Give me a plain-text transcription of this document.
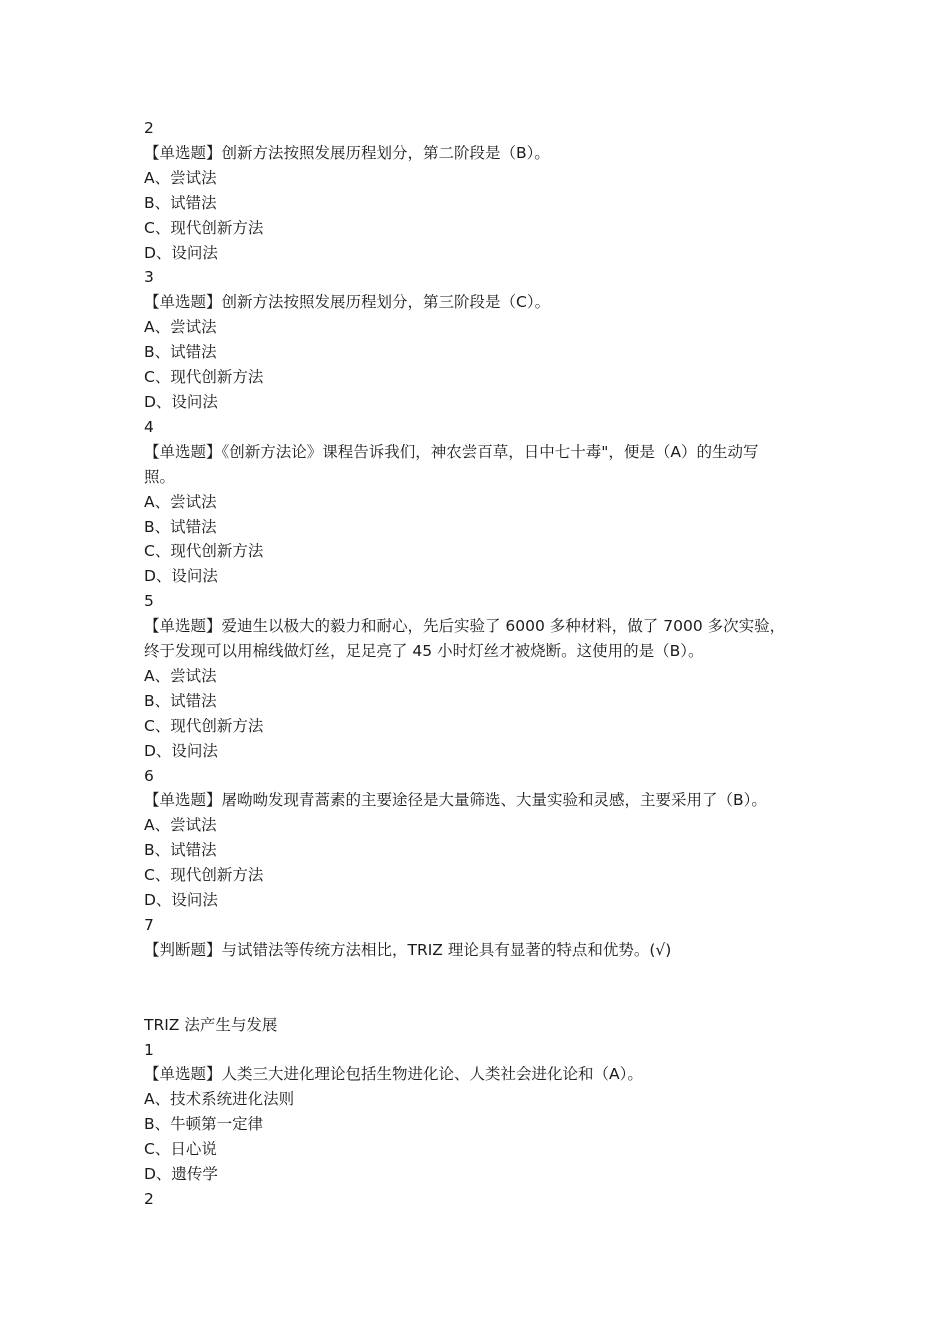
2

【单选题】创新方法按照发展历程划分，第二阶段是（B）。

A、尝试法

B、试错法

C、现代创新方法

D、设问法

3

【单选题】创新方法按照发展历程划分，第三阶段是（C）。

A、尝试法

B、试错法

C、现代创新方法

D、设问法

4

【单选题】《创新方法论》课程告诉我们，神农尝百草，日中七十毒"，便是（A）的生动写

照。

A、尝试法

B、试错法

C、现代创新方法

D、设问法

5

【单选题】爱迪生以极大的毅力和耐心，先后实验了 6000 多种材料，做了 7000 多次实验，

终于发现可以用棉线做灯丝，足足亮了 45 小时灯丝才被烧断。这使用的是（B）。

A、尝试法

B、试错法

C、现代创新方法

D、设问法

6

【单选题】屠呦呦发现青蒿素的主要途径是大量筛选、大量实验和灵感，主要采用了（B）。

A、尝试法

B、试错法

C、现代创新方法

D、设问法

7

【判断题】与试错法等传统方法相比，TRIZ 理论具有显著的特点和优势。(√)

TRIZ 法产生与发展

1

【单选题】人类三大进化理论包括生物进化论、人类社会进化论和（A）。

A、技术系统进化法则

B、牛顿第一定律

C、日心说

D、遗传学

2
